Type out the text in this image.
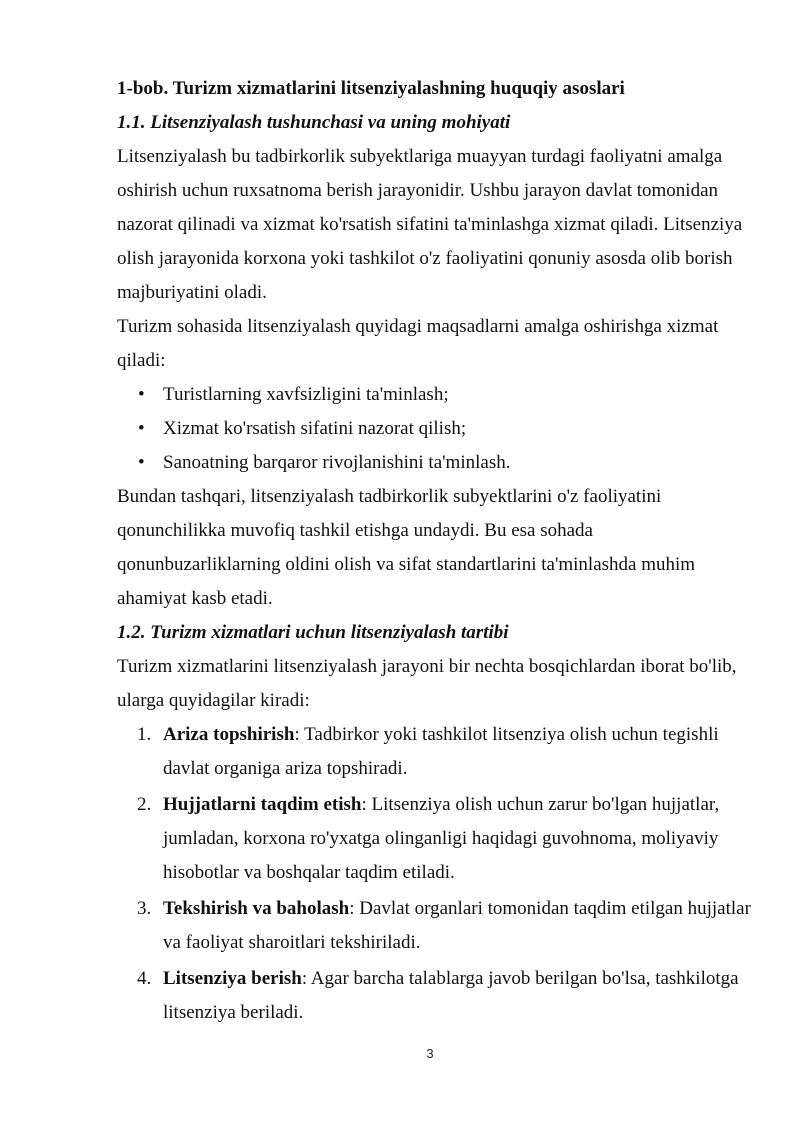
1-bob. Turizm xizmatlarini litsenziyalashning huquqiy asoslari

1.1. Litsenziyalash tushunchasi va uning mohiyati

Litsenziyalash bu tadbirkorlik subyektlariga muayyan turdagi faoliyatni amalga oshirish uchun ruxsatnoma berish jarayonidir. Ushbu jarayon davlat tomonidan nazorat qilinadi va xizmat ko'rsatish sifatini ta'minlashga xizmat qiladi. Litsenziya olish jarayonida korxona yoki tashkilot o'z faoliyatini qonuniy asosda olib borish majburiyatini oladi.

Turizm sohasida litsenziyalash quyidagi maqsadlarni amalga oshirishga xizmat qiladi:

• Turistlarning xavfsizligini ta'minlash;
• Xizmat ko'rsatish sifatini nazorat qilish;
• Sanoatning barqaror rivojlanishini ta'minlash.

Bundan tashqari, litsenziyalash tadbirkorlik subyektlarini o'z faoliyatini qonunchilikka muvofiq tashkil etishga undaydi. Bu esa sohada qonunbuzarliklarning oldini olish va sifat standartlarini ta'minlashda muhim ahamiyat kasb etadi.

1.2. Turizm xizmatlari uchun litsenziyalash tartibi

Turizm xizmatlarini litsenziyalash jarayoni bir nechta bosqichlardan iborat bo'lib, ularga quyidagilar kiradi:

1. Ariza topshirish: Tadbirkor yoki tashkilot litsenziya olish uchun tegishli davlat organiga ariza topshiradi.
2. Hujjatlarni taqdim etish: Litsenziya olish uchun zarur bo'lgan hujjatlar, jumladan, korxona ro'yxatga olinganligi haqidagi guvohnoma, moliyaviy hisobotlar va boshqalar taqdim etiladi.
3. Tekshirish va baholash: Davlat organlari tomonidan taqdim etilgan hujjatlar va faoliyat sharoitlari tekshiriladi.
4. Litsenziya berish: Agar barcha talablarga javob berilgan bo'lsa, tashkilotga litsenziya beriladi.
3
